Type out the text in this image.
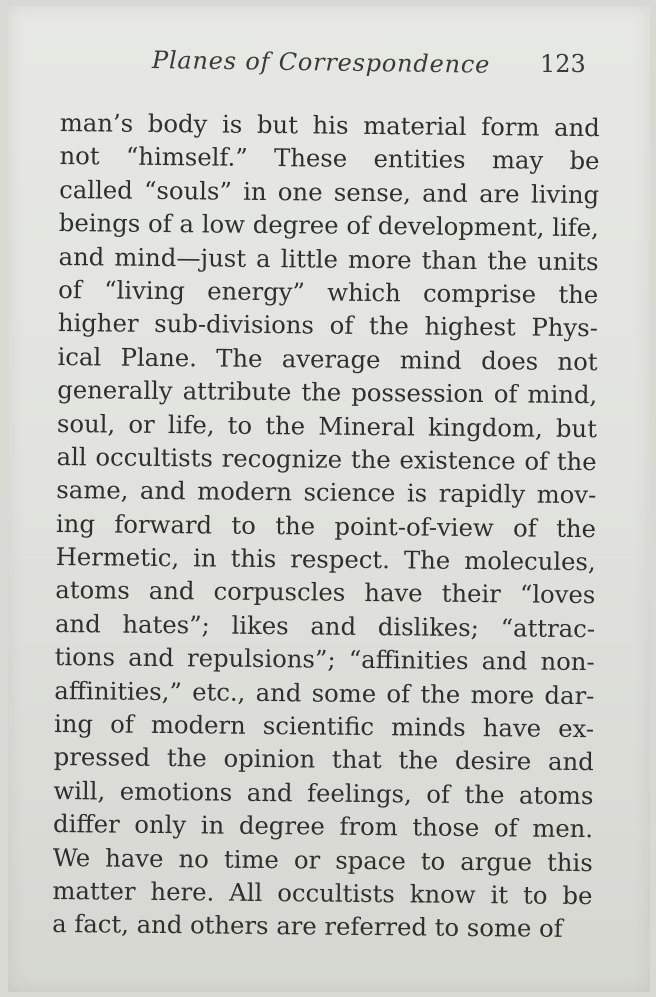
Planes of Correspondence 123
man’s body is but his material form and
not “himself.” These entities may be
called “souls” in one sense, and are living
beings of a low degree of development, life,
and mind—just a little more than the units
of “living energy” which comprise the
higher sub-divisions of the highest Phys-
ical Plane. The average mind does not
generally attribute the possession of mind,
soul, or life, to the Mineral kingdom, but
all occultists recognize the existence of the
same, and modern science is rapidly mov-
ing forward to the point-of-view of the
Hermetic, in this respect. The molecules,
atoms and corpuscles have their “loves
and hates”; likes and dislikes; “attrac-
tions and repulsions”; “affinities and non-
affinities,” etc., and some of the more dar-
ing of modern scientific minds have ex-
pressed the opinion that the desire and
will, emotions and feelings, of the atoms
differ only in degree from those of men.
We have no time or space to argue this
matter here. All occultists know it to be
a fact, and others are referred to some of
